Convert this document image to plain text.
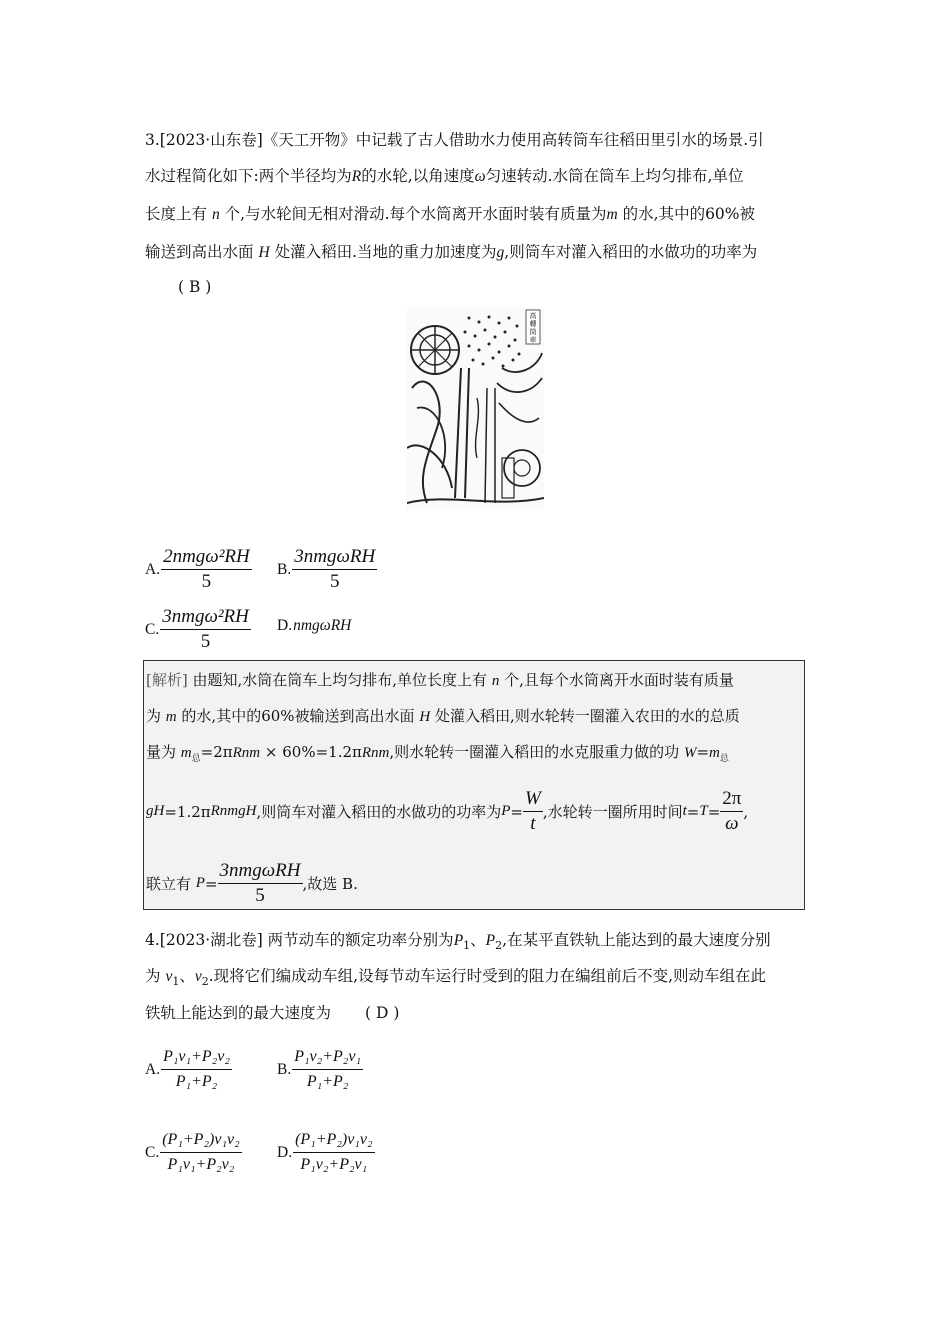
3.[2023·山东卷]《天工开物》中记载了古人借助水力使用高转筒车往稻田里引水的场景.引
水过程简化如下:两个半径均为R的水轮,以角速度ω匀速转动.水筒在筒车上均匀排布,单位
长度上有 n 个,与水轮间无相对滑动.每个水筒离开水面时装有质量为m 的水,其中的60%被
输送到高出水面 H 处灌入稻田.当地的重力加速度为g,则筒车对灌入稻田的水做功的功率为
( B )
高轉筒車
A. $\frac{\text{2nmgω²RH}}{5} B$. $\frac{\text{3nmgωRH}}{5}$
C. $\frac{\text{3nmgω²RH}}{5} D$. nmgωRH
[解析] 由题知,水筒在筒车上均匀排布,单位长度上有 n 个,且每个水筒离开水面时装有质量
为 m 的水,其中的60%被输送到高出水面 H 处灌入稻田,则水轮转一圈灌入农田的水的总质
量为 $m_总=2\pi Rnm \times 60\%=1.2\pi Rnm$,则水轮转一圈灌入稻田的水克服重力做的功 $W=m_总$
gH =1.2π RnmgH ,则筒车对灌入稻田的水做功的功率为 $P = \frac{W}{t}$ ,水轮转一圈所用时间 $t = T = \frac{2\pi}{\omega}$ ,
联立有
$P = \frac{\text{3nmgωRH}}{5}$ ,故选 B.
4.[2023·湖北卷] 两节动车的额定功率分别为$P_1$、$P_2$,在某平直铁轨上能达到的最大速度分别
为 $v_1$、$v_2$.现将它们编成动车组,设每节动车运行时受到的阻力在编组前后不变,则动车组在此
铁轨上能达到的最大速度为 ( D )
A. $\frac{\text{P₁v₁+P₂v₂}}{\text{P₁+P₂}}$	B. $\frac{\text{P₁v₂+P₂v₁}}{\text{P₁+P₂}}$
C. $\frac{\text{(P₁+P₂)v₁v₂}}{\text{P₁v₁+P₂v₂}} D$. $\frac{\text{(P₁+P₂)v₁v₂}}{\text{P₁v₂+P₂v₁}}$
